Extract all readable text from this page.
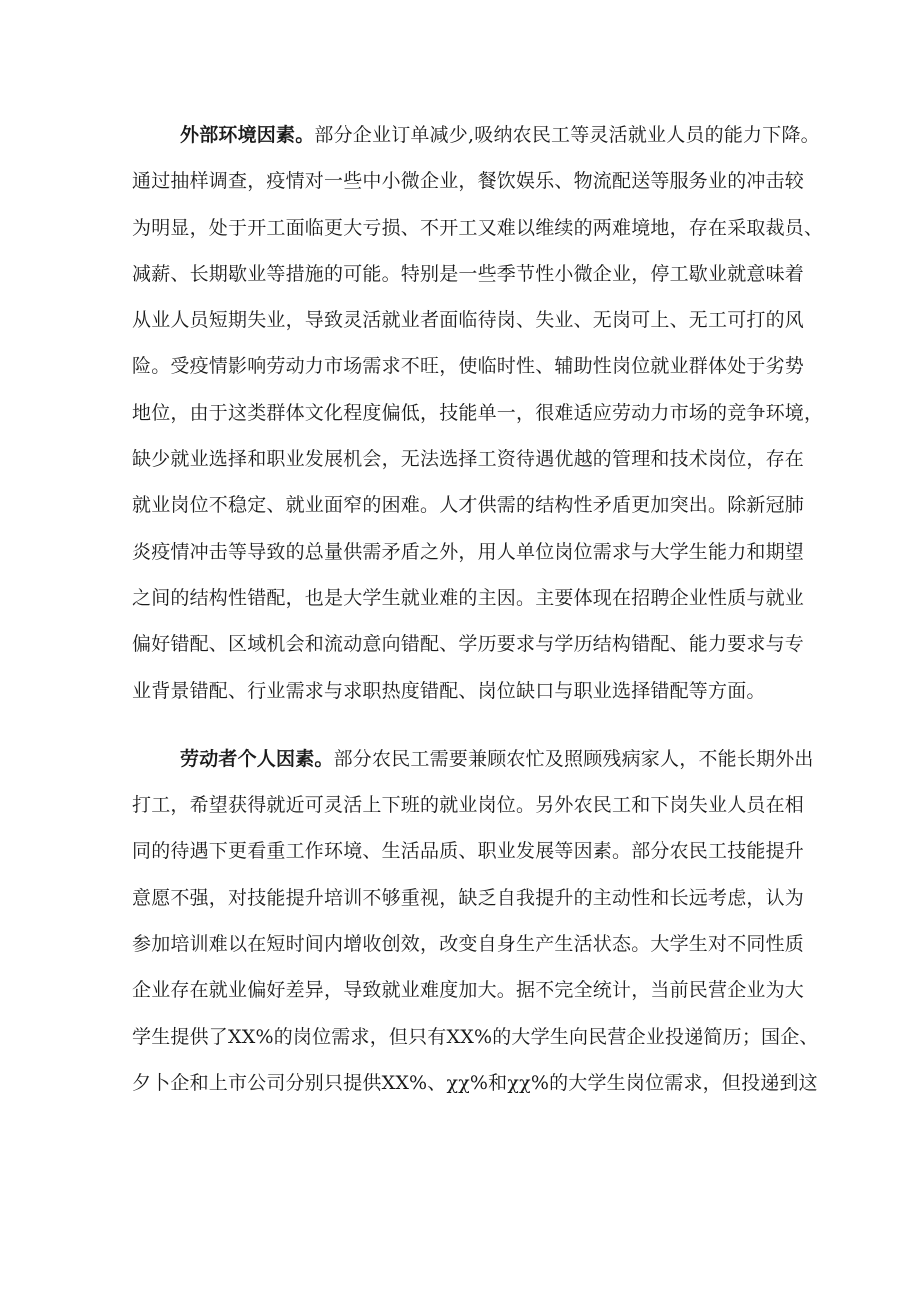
外部环境因素。部分企业订单减少,吸纳农民工等灵活就业人员的能力下降。
通过抽样调查，疫情对一些中小微企业，餐饮娱乐、物流配送等服务业的冲击较
为明显，处于开工面临更大亏损、不开工又难以维续的两难境地，存在采取裁员、
减薪、长期歇业等措施的可能。特别是一些季节性小微企业，停工歇业就意味着
从业人员短期失业，导致灵活就业者面临待岗、失业、无岗可上、无工可打的风
险。受疫情影响劳动力市场需求不旺，使临时性、辅助性岗位就业群体处于劣势
地位，由于这类群体文化程度偏低，技能单一，很难适应劳动力市场的竞争环境，
缺少就业选择和职业发展机会，无法选择工资待遇优越的管理和技术岗位，存在
就业岗位不稳定、就业面窄的困难。人才供需的结构性矛盾更加突出。除新冠肺
炎疫情冲击等导致的总量供需矛盾之外，用人单位岗位需求与大学生能力和期望
之间的结构性错配，也是大学生就业难的主因。主要体现在招聘企业性质与就业
偏好错配、区域机会和流动意向错配、学历要求与学历结构错配、能力要求与专
业背景错配、行业需求与求职热度错配、岗位缺口与职业选择错配等方面。
劳动者个人因素。部分农民工需要兼顾农忙及照顾残病家人，不能长期外出
打工，希望获得就近可灵活上下班的就业岗位。另外农民工和下岗失业人员在相
同的待遇下更看重工作环境、生活品质、职业发展等因素。部分农民工技能提升
意愿不强，对技能提升培训不够重视，缺乏自我提升的主动性和长远考虑，认为
参加培训难以在短时间内增收创效，改变自身生产生活状态。大学生对不同性质
企业存在就业偏好差异，导致就业难度加大。据不完全统计，当前民营企业为大
学生提供了XX%的岗位需求，但只有XX%的大学生向民营企业投递简历；国企、
夕卜企和上市公司分别只提供XX%、χχ%和χχ%的大学生岗位需求，但投递到这
